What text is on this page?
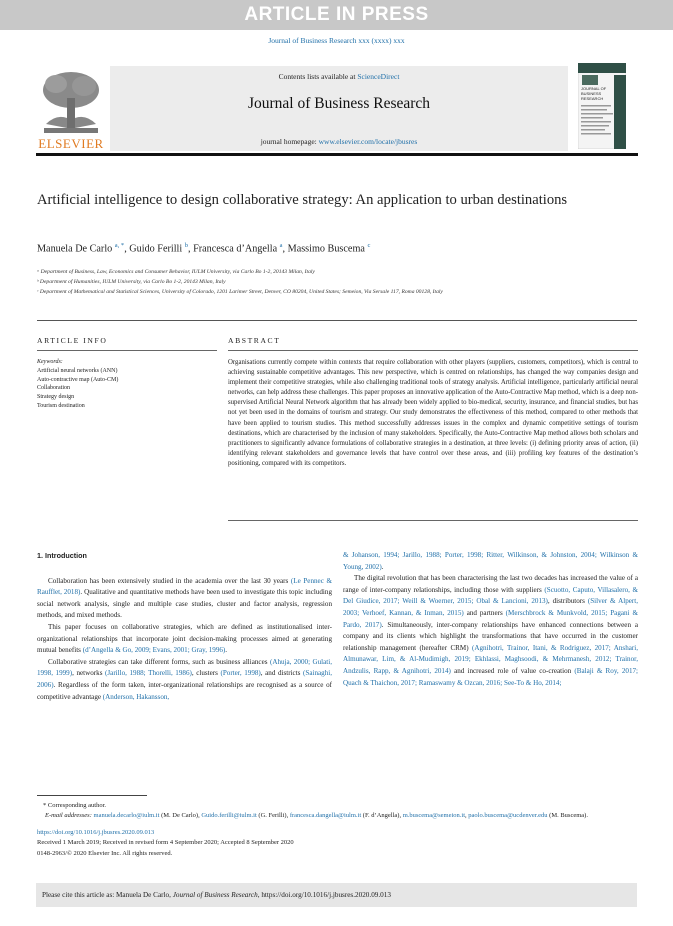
ARTICLE IN PRESS
Journal of Business Research xxx (xxxx) xxx
ELSEVIER
Contents lists available at ScienceDirect
Journal of Business Research
journal homepage: www.elsevier.com/locate/jbusres
JOURNAL OF
BUSINESS
RESEARCH
Artificial intelligence to design collaborative strategy: An application to urban destinations
Manuela De Carlo $^{a, *}$, Guido Ferilli $^b$, Francesca d’Angella $^a$, Massimo Buscema $^c$
ᵃ Department of Business, Law, Economics and Consumer Behavior, IULM University, via Carlo Bo 1-2, 20143 Milan, Italy
ᵇ Department of Humanities, IULM University, via Carlo Bo 1-2, 20143 Milan, Italy
ᶜ Department of Mathematical and Statistical Sciences, University of Colorado, 1201 Larimer Street, Denver, CO 80204, United States; Semeion, Via Sersale 117, Roma 00128, Italy
ARTICLE INFO	ABSTRACT
Keywords:
Artificial neural networks (ANN)
Auto-contractive map (Auto-CM)
Collaboration
Strategy design
Tourism destination
Organisations currently compete within contexts that require collaboration with other players (suppliers, customers, competitors), which is central to achieving sustainable competitive advantages. This new perspective, which is centred on relationships, has changed the way companies design and implement their competitive strategies, while also challenging traditional tools of strategy analysis. Artificial intelligence, particularly artificial neural networks, can help address these challenges. This paper proposes an innovative application of the Auto-Contractive Map method, which is a deep non-supervised Artificial Neural Network algorithm that has already been widely applied to bio-medical, security, insurance, and financial studies, but has not yet been used in the domains of tourism and strategy. Our study demonstrates the effectiveness of this method, compared to other methods that have been applied to tourism studies. This method successfully addresses issues in the complex and dynamic competitive settings of tourism destinations, which are characterised by the inclusion of many stakeholders. Specifically, the Auto-Contractive Map method allows both scholars and practitioners to significantly advance formulations of collaborative strategies in a destination, at three levels: (i) defining priority areas of action, (ii) identifying relevant stakeholders and governance levels that have control over these areas, and (iii) profiling key features of the destination’s positioning, compared with its competitors.

1. Introduction

Collaboration has been extensively studied in the academia over the last 30 years (Le Pennec & Raufflet, 2018). Qualitative and quantitative methods have been used to investigate this topic including social network analysis, single and multiple case studies, cluster and factor analysis, regression methods, and mixed methods.

This paper focuses on collaborative strategies, which are defined as institutionalised inter-organizational relationships that incorporate joint decision-making processes aimed at generating mutual benefits (d’Angella & Go, 2009; Evans, 2001; Gray, 1996).

Collaborative strategies can take different forms, such as business alliances (Ahuja, 2000; Gulati, 1998, 1999), networks (Jarillo, 1988; Thorelli, 1986), clusters (Porter, 1998), and districts (Sainaghi, 2006). Regardless of the form taken, inter-organizational relationships are recognised as a source of competitive advantage (Anderson, Hakansson,

& Johanson, 1994; Jarillo, 1988; Porter, 1998; Ritter, Wilkinson, & Johnston, 2004; Wilkinson & Young, 2002).

The digital revolution that has been characterising the last two decades has increased the value of a range of inter-company relationships, including those with suppliers (Scuotto, Caputo, Villasalero, & Del Giudice, 2017; Weill & Woerner, 2015; Obal & Lancioni, 2013), distributors (Silver & Alpert, 2003; Verhoef, Kannan, & Inman, 2015) and partners (Merschbrock & Munkvold, 2015; Pagani & Pardo, 2017). Simultaneously, inter-company relationships have enhanced connections between a company and its clients which highlight the transformations that have occurred in the customer relationship management (hereafter CRM) (Agnihotri, Trainor, Itani, & Rodriguez, 2017; Anshari, Almunawar, Lim, & Al-Mudimigh, 2019; Ekhlassi, Maghsoodi, & Mehrmanesh, 2012; Trainor, Andzulis, Rapp, & Agnihotri, 2014) and increased role of value co-creation (Balaji & Roy, 2017; Quach & Thaichon, 2017; Ramaswamy & Ozcan, 2016; See-To & Ho, 2014;

* Corresponding author.
E-mail addresses: manuela.decarlo@iulm.it (M. De Carlo), Guido.ferilli@iulm.it (G. Ferilli), francesca.dangella@iulm.it (F. d’Angella), m.buscema@semeion.it, paolo.buscema@ucdenver.edu (M. Buscema).
https://doi.org/10.1016/j.jbusres.2020.09.013
Received 1 March 2019; Received in revised form 4 September 2020; Accepted 8 September 2020
0148-2963/© 2020 Elsevier Inc. All rights reserved.
Please cite this article as: Manuela De Carlo, Journal of Business Research, https://doi.org/10.1016/j.jbusres.2020.09.013
